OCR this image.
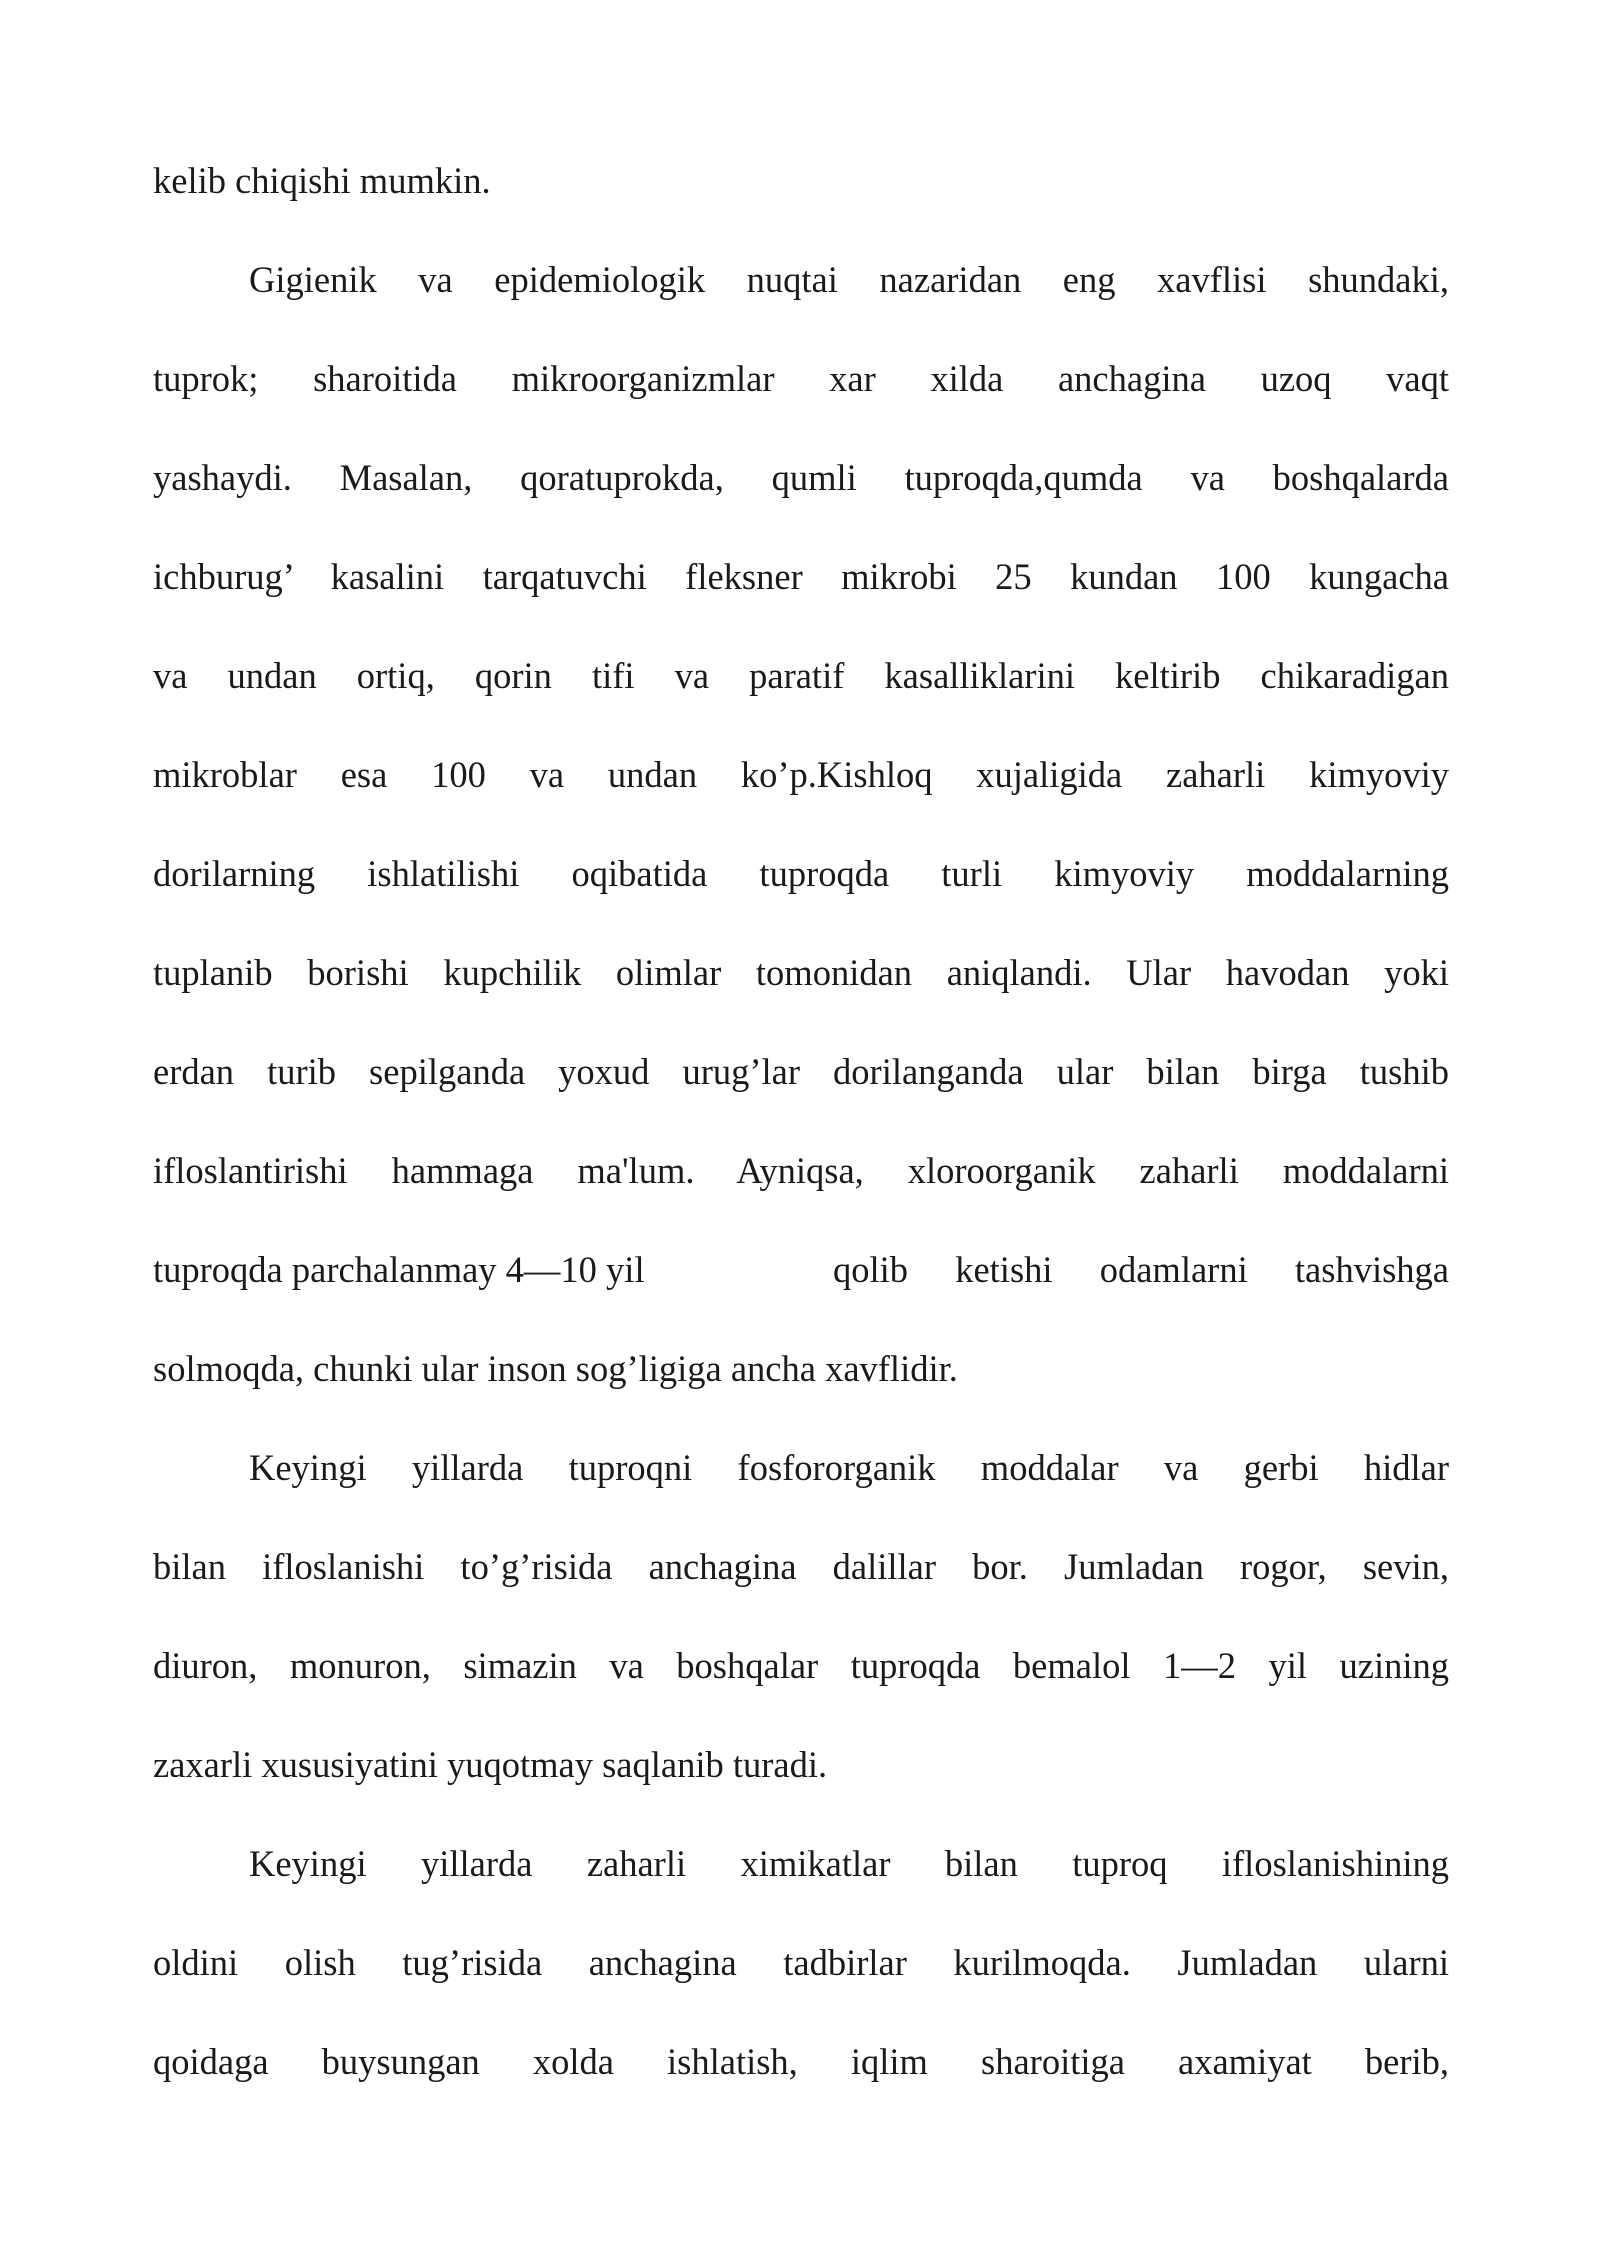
kelib chiqishi mumkin.
Gigienik va epidemiologik nuqtai nazaridan eng xavflisi shundaki,
tuprok; sharoitida mikroorganizmlar xar xilda anchagina uzoq vaqt
yashaydi. Masalan, qoratuprokda, qumli tuproqda,qumda va boshqalarda
ichburug’ kasalini tarqatuvchi fleksner mikrobi 25 kundan 100 kungacha
va undan ortiq, qorin tifi va paratif kasalliklarini keltirib chikaradigan
mikroblar esa 100 va undan ko’p.Kishloq xujaligida zaharli kimyoviy
dorilarning ishlatilishi oqibatida tuproqda turli kimyoviy moddalarning
tuplanib borishi kupchilik olimlar tomonidan aniqlandi. Ular havodan yoki
erdan turib sepilganda yoxud urug’lar dorilanganda ular bilan birga tushib
ifloslantirishi hammaga ma'lum. Ayniqsa, xloroorganik zaharli moddalarni
tuproqda parchalanmay 4—10 yil	qolib ketishi odamlarni tashvishga
solmoqda, chunki ular inson sog’ligiga ancha xavflidir.
Keyingi yillarda tuproqni fosfororganik moddalar va gerbi hidlar
bilan ifloslanishi to’g’risida anchagina dalillar bor. Jumladan rogor, sevin,
diuron, monuron, simazin va boshqalar tuproqda bemalol 1—2 yil uzining
zaxarli xususiyatini yuqotmay saqlanib turadi.
Keyingi yillarda zaharli ximikatlar bilan tuproq ifloslanishining
oldini olish tug’risida anchagina tadbirlar kurilmoqda. Jumladan ularni
qoidaga buysungan xolda ishlatish, iqlim sharoitiga axamiyat berib,
